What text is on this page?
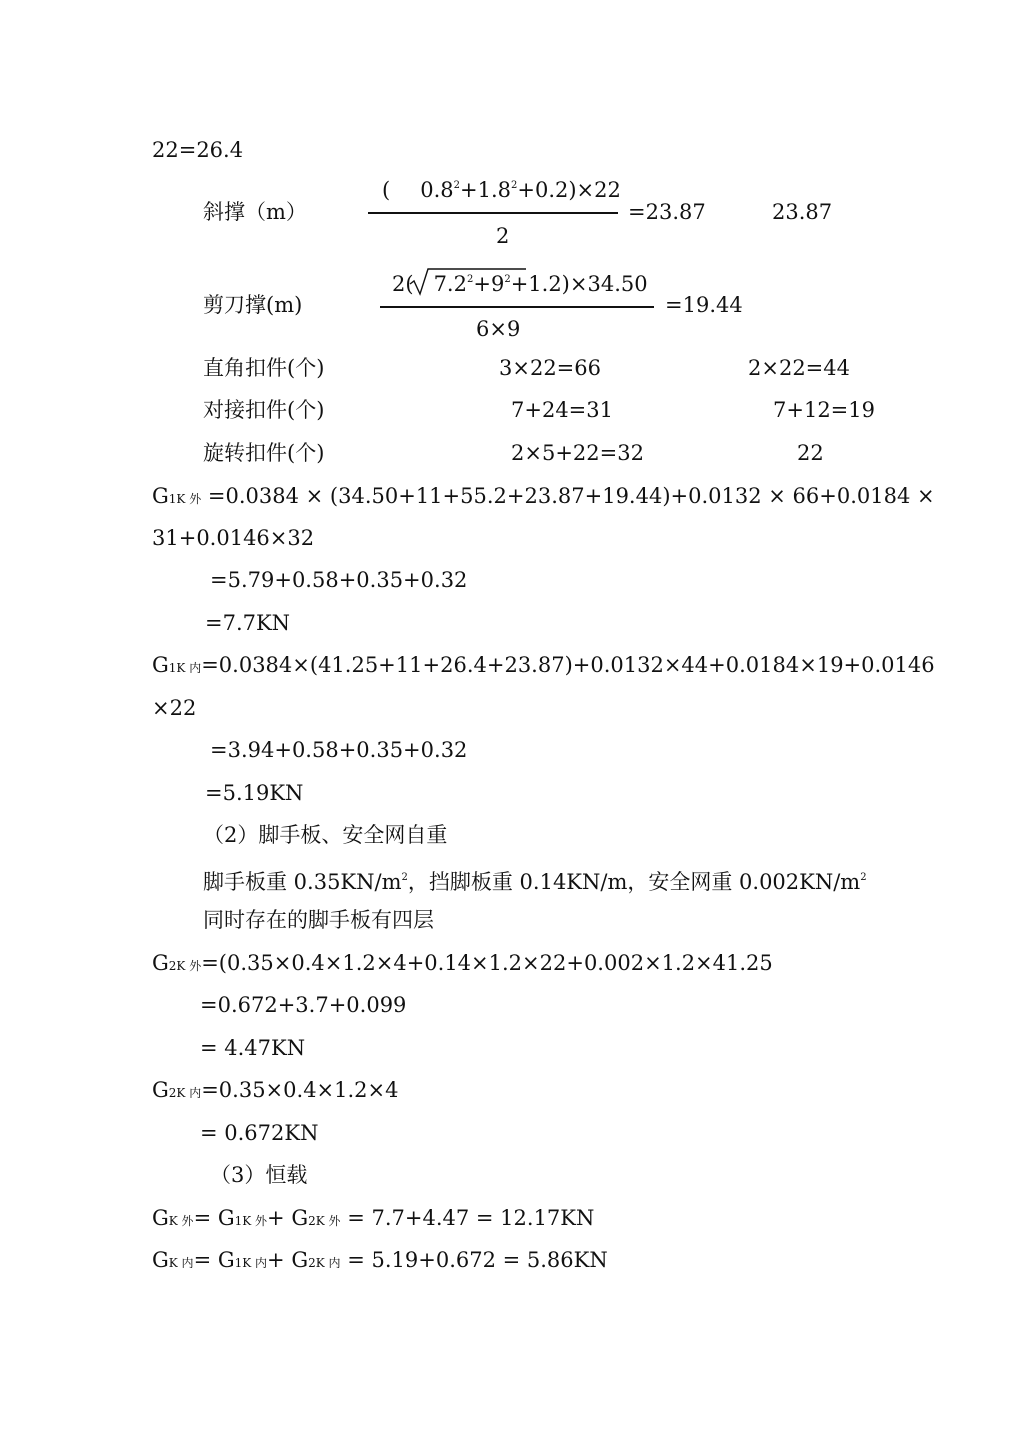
22=26.4
斜撑（m）
( $0.8^2+1.8^2+0.2)\times 22$
2
=23.87	23.87
剪刀撑(m)
2( $7.2^2+9^2+1.2)\times 34.50$
6×9
=19.44
直角扣件(个)	3×22=66	2×22=44
对接扣件(个)	7+24=31	7+12=19
旋转扣件(个)	2×5+22=32	22
G1K 外 =0.0384 × (34.50+11+55.2+23.87+19.44)+0.0132 × 66+0.0184 ×
31+0.0146×32
=5.79+0.58+0.35+0.32
=7.7KN
G1K 内=0.0384×(41.25+11+26.4+23.87)+0.0132×44+0.0184×19+0.0146
×22
=3.94+0.58+0.35+0.32
=5.19KN
（2）脚手板、安全网自重
脚手板重 $0.35KN/m^2$，挡脚板重 0.14KN/m，安全网重 $0.002KN/m^2$
同时存在的脚手板有四层
G2K 外=(0.35×0.4×1.2×4+0.14×1.2×22+0.002×1.2×41.25
=0.672+3.7+0.099
= 4.47KN
G2K 内=0.35×0.4×1.2×4
= 0.672KN
（3）恒载
GK 外= G1K 外+ G2K 外 = 7.7+4.47 = 12.17KN
GK 内= G1K 内+ G2K 内 = 5.19+0.672 = 5.86KN
